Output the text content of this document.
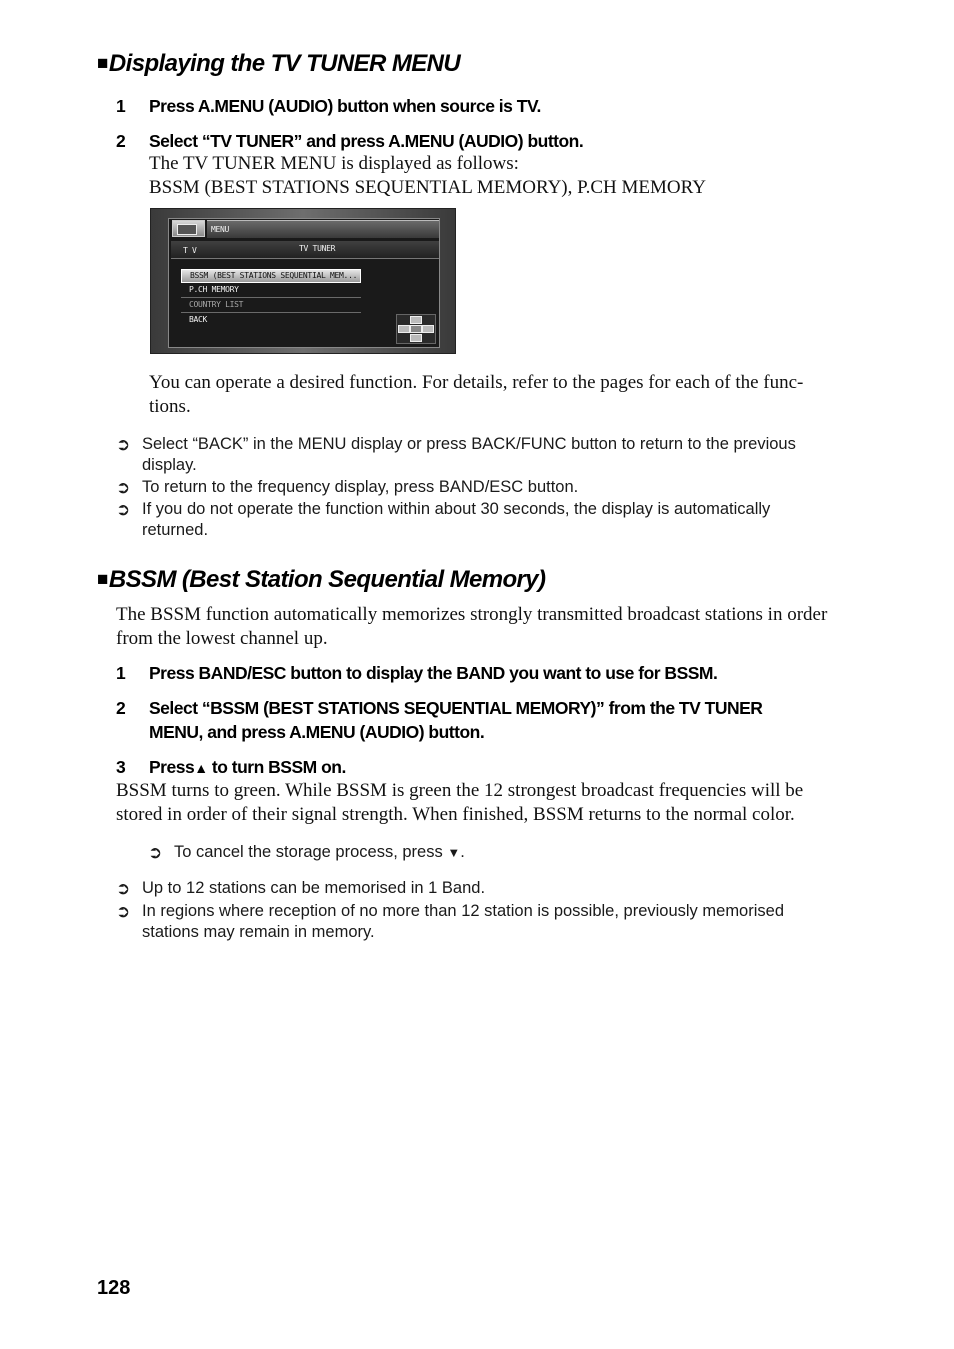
■Displaying the TV TUNER MENU
1 Press A.MENU (AUDIO) button when source is TV.
2 Select “TV TUNER” and press A.MENU (AUDIO) button.
The TV TUNER MENU is displayed as follows:
BSSM (BEST STATIONS SEQUENTIAL MEMORY), P.CH MEMORY
MENU
T V	TV TUNER
BSSM (BEST STATIONS SEQUENTIAL MEM...
P.CH MEMORY
COUNTRY LIST
BACK
You can operate a desired function. For details, refer to the pages for each of the func-
tions.
➲ Select “BACK” in the MENU display or press BACK/FUNC button to return to the previous
display.
➲ To return to the frequency display, press BAND/ESC button.
➲ If you do not operate the function within about 30 seconds, the display is automatically
returned.
■BSSM (Best Station Sequential Memory)
The BSSM function automatically memorizes strongly transmitted broadcast stations in order
from the lowest channel up.
1 Press BAND/ESC button to display the BAND you want to use for BSSM.
2 Select “BSSM (BEST STATIONS SEQUENTIAL MEMORY)” from the TV TUNER
MENU, and press A.MENU (AUDIO) button.
3 Press▲ to turn BSSM on.
BSSM turns to green. While BSSM is green the 12 strongest broadcast frequencies will be
stored in order of their signal strength. When finished, BSSM returns to the normal color.
➲ To cancel the storage process, press ▼.
➲ Up to 12 stations can be memorised in 1 Band.
➲ In regions where reception of no more than 12 station is possible, previously memorised
stations may remain in memory.
128
